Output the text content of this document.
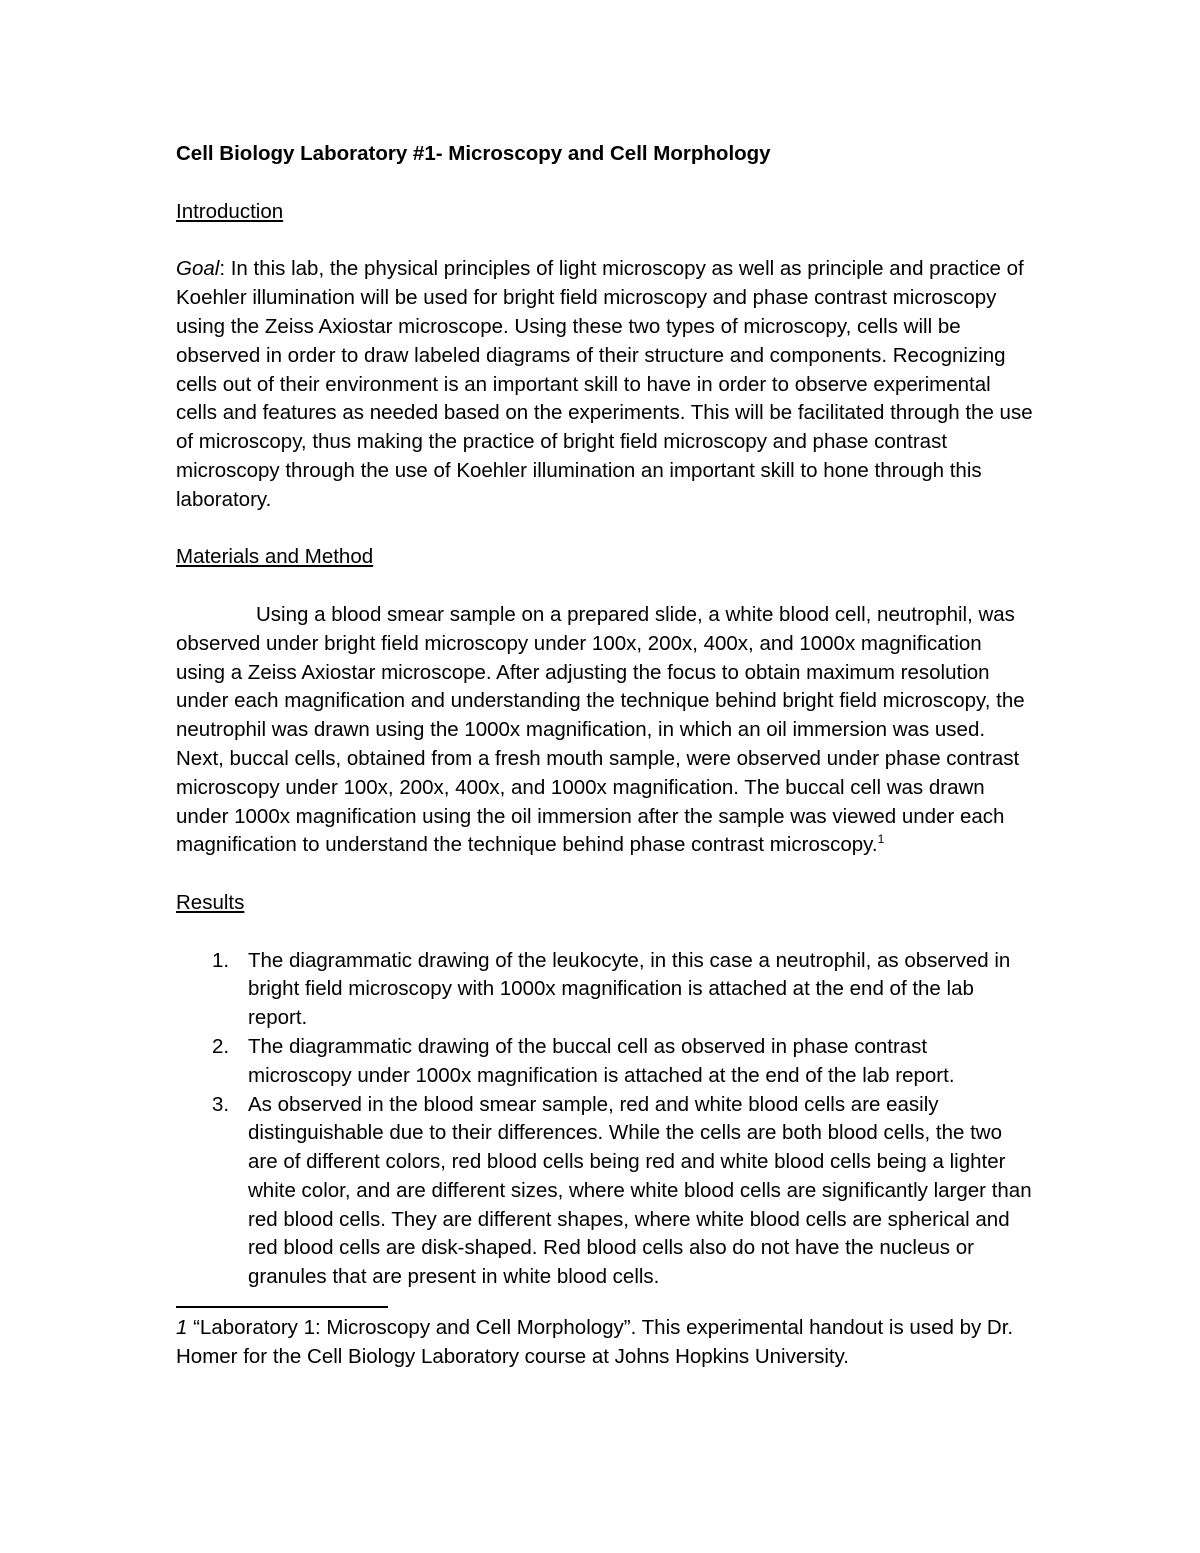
Cell Biology Laboratory #1- Microscopy and Cell Morphology

Introduction

Goal: In this lab, the physical principles of light microscopy as well as principle and practice of Koehler illumination will be used for bright field microscopy and phase contrast microscopy using the Zeiss Axiostar microscope. Using these two types of microscopy, cells will be observed in order to draw labeled diagrams of their structure and components. Recognizing cells out of their environment is an important skill to have in order to observe experimental cells and features as needed based on the experiments. This will be facilitated through the use of microscopy, thus making the practice of bright field microscopy and phase contrast microscopy through the use of Koehler illumination an important skill to hone through this laboratory.

Materials and Method

Using a blood smear sample on a prepared slide, a white blood cell, neutrophil, was observed under bright field microscopy under 100x, 200x, 400x, and 1000x magnification using a Zeiss Axiostar microscope. After adjusting the focus to obtain maximum resolution under each magnification and understanding the technique behind bright field microscopy, the neutrophil was drawn using the 1000x magnification, in which an oil immersion was used. Next, buccal cells, obtained from a fresh mouth sample, were observed under phase contrast microscopy under 100x, 200x, 400x, and 1000x magnification. The buccal cell was drawn under 1000x magnification using the oil immersion after the sample was viewed under each magnification to understand the technique behind phase contrast microscopy.$^1$

Results

1. The diagrammatic drawing of the leukocyte, in this case a neutrophil, as observed in bright field microscopy with 1000x magnification is attached at the end of the lab report.
2. The diagrammatic drawing of the buccal cell as observed in phase contrast microscopy under 1000x magnification is attached at the end of the lab report.
3. As observed in the blood smear sample, red and white blood cells are easily distinguishable due to their differences. While the cells are both blood cells, the two are of different colors, red blood cells being red and white blood cells being a lighter white color, and are different sizes, where white blood cells are significantly larger than red blood cells. They are different shapes, where white blood cells are spherical and red blood cells are disk-shaped. Red blood cells also do not have the nucleus or granules that are present in white blood cells.

1 “Laboratory 1: Microscopy and Cell Morphology”. This experimental handout is used by Dr. Homer for the Cell Biology Laboratory course at Johns Hopkins University.
